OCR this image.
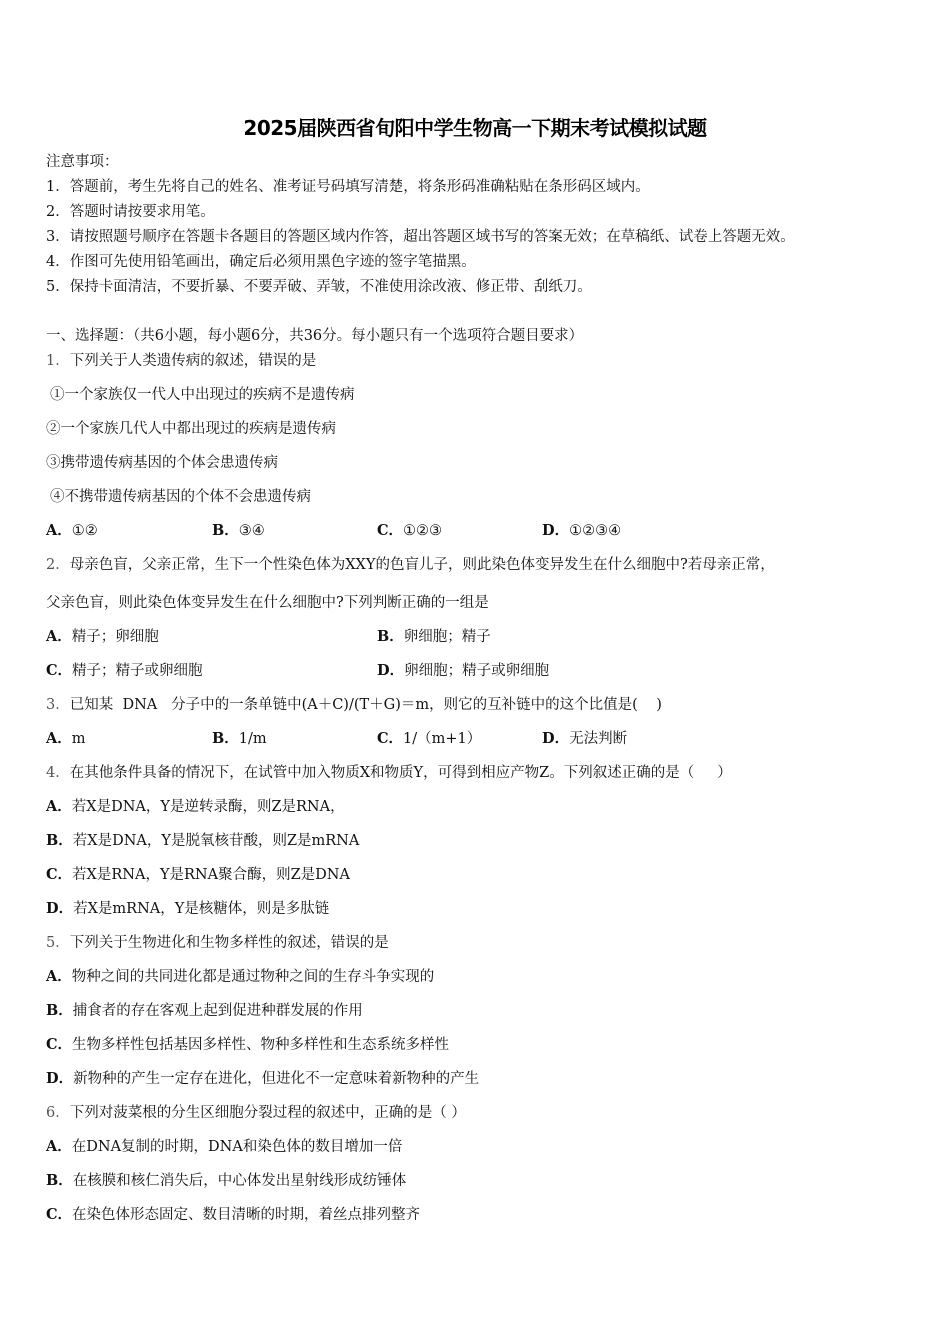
2025届陕西省旬阳中学生物高一下期末考试模拟试题
注意事项：
1．答题前，考生先将自己的姓名、准考证号码填写清楚，将条形码准确粘贴在条形码区域内。
2．答题时请按要求用笔。
3．请按照题号顺序在答题卡各题目的答题区域内作答，超出答题区域书写的答案无效；在草稿纸、试卷上答题无效。
4．作图可先使用铅笔画出，确定后必须用黑色字迹的签字笔描黑。
5．保持卡面清洁，不要折暴、不要弄破、弄皱，不准使用涂改液、修正带、刮纸刀。
一、选择题：（共6小题，每小题6分，共36分。每小题只有一个选项符合题目要求）
1．下列关于人类遗传病的叙述，错误的是
①一个家族仅一代人中出现过的疾病不是遗传病
②一个家族几代人中都出现过的疾病是遗传病
③携带遗传病基因的个体会患遗传病
④不携带遗传病基因的个体不会患遗传病
A．①②	B．③④	C．①②③	D．①②③④
2．母亲色盲，父亲正常，生下一个性染色体为XXY的色盲儿子，则此染色体变异发生在什么细胞中?若母亲正常，
父亲色盲，则此染色体变异发生在什么细胞中?下列判断正确的一组是
A．精子；卵细胞	B．卵细胞；精子
C．精子；精子或卵细胞	D．卵细胞；精子或卵细胞
3．已知某  DNA   分子中的一条单链中(A＋C)/(T＋G)＝m，则它的互补链中的这个比值是(    )
A．m	B．1/m	C．1/（m+1）	D．无法判断
4．在其他条件具备的情况下，在试管中加入物质X和物质Y，可得到相应产物Z。下列叙述正确的是（     ）
A．若X是DNA，Y是逆转录酶，则Z是RNA，
B．若X是DNA，Y是脱氧核苷酸，则Z是mRNA
C．若X是RNA，Y是RNA聚合酶，则Z是DNA
D．若X是mRNA，Y是核糖体，则是多肽链
5．下列关于生物进化和生物多样性的叙述，错误的是
A．物种之间的共同进化都是通过物种之间的生存斗争实现的
B．捕食者的存在客观上起到促进种群发展的作用
C．生物多样性包括基因多样性、物种多样性和生态系统多样性
D．新物种的产生一定存在进化，但进化不一定意味着新物种的产生
6．下列对菠菜根的分生区细胞分裂过程的叙述中，正确的是（ ）
A．在DNA复制的时期，DNA和染色体的数目增加一倍
B．在核膜和核仁消失后，中心体发出星射线形成纺锤体
C．在染色体形态固定、数目清晰的时期，着丝点排列整齐
